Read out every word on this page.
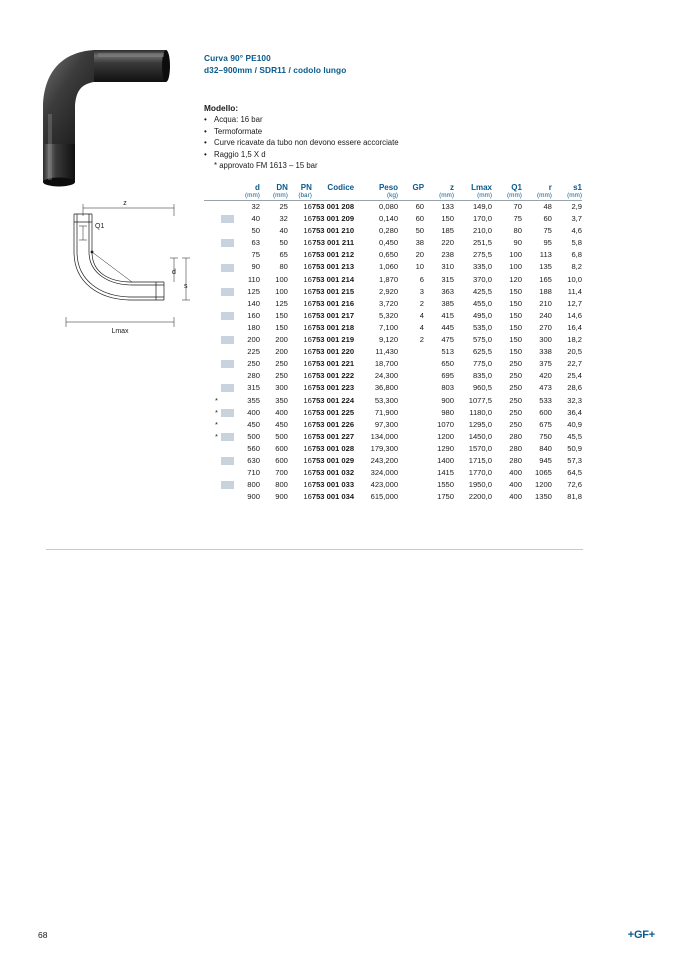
z
Q1
d
s
Lmax
Curva 90° PE100
d32–900mm / SDR11 / codolo lungo
Modello:
• Acqua: 16 bar
• Termoformate
• Curve ricavate da tubo non devono essere accorciate
• Raggio 1,5 X d
* approvato FM 1613 – 15 bar
		d	DN	PN	Codice	Peso	GP	z	Lmax	Q1	r	s1
		(mm)	(mm)	(bar)		(kg)		(mm)	(mm)	(mm)	(mm)	(mm)

	32	25	16	753 001 208	0,080	60	133	149,0	70	48	2,9

	40	32	16	753 001 209	0,140	60	150	170,0	75	60	3,7

	50	40	16	753 001 210	0,280	50	185	210,0	80	75	4,6

	63	50	16	753 001 211	0,450	38	220	251,5	90	95	5,8

	75	65	16	753 001 212	0,650	20	238	275,5	100	113	6,8

	90	80	16	753 001 213	1,060	10	310	335,0	100	135	8,2

	110	100	16	753 001 214	1,870	6	315	370,0	120	165	10,0

	125	100	16	753 001 215	2,920	3	363	425,5	150	188	11,4

	140	125	16	753 001 216	3,720	2	385	455,0	150	210	12,7

	160	150	16	753 001 217	5,320	4	415	495,0	150	240	14,6

	180	150	16	753 001 218	7,100	4	445	535,0	150	270	16,4

	200	200	16	753 001 219	9,120	2	475	575,0	150	300	18,2

	225	200	16	753 001 220	11,430		513	625,5	150	338	20,5

	250	250	16	753 001 221	18,700		650	775,0	250	375	22,7

	280	250	16	753 001 222	24,300		695	835,0	250	420	25,4

	315	300	16	753 001 223	36,800		803	960,5	250	473	28,6
*		355	350	16	753 001 224	53,300		900	1077,5	250	533	32,3
*		400	400	16	753 001 225	71,900		980	1180,0	250	600	36,4
*		450	450	16	753 001 226	97,300		1070	1295,0	250	675	40,9
*		500	500	16	753 001 227	134,000		1200	1450,0	280	750	45,5

	560	600	16	753 001 028	179,300		1290	1570,0	280	840	50,9

	630	600	16	753 001 029	243,200		1400	1715,0	280	945	57,3

	710	700	16	753 001 032	324,000		1415	1770,0	400	1065	64,5

	800	800	16	753 001 033	423,000		1550	1950,0	400	1200	72,6

	900	900	16	753 001 034	615,000		1750	2200,0	400	1350	81,8
68	+GF+
